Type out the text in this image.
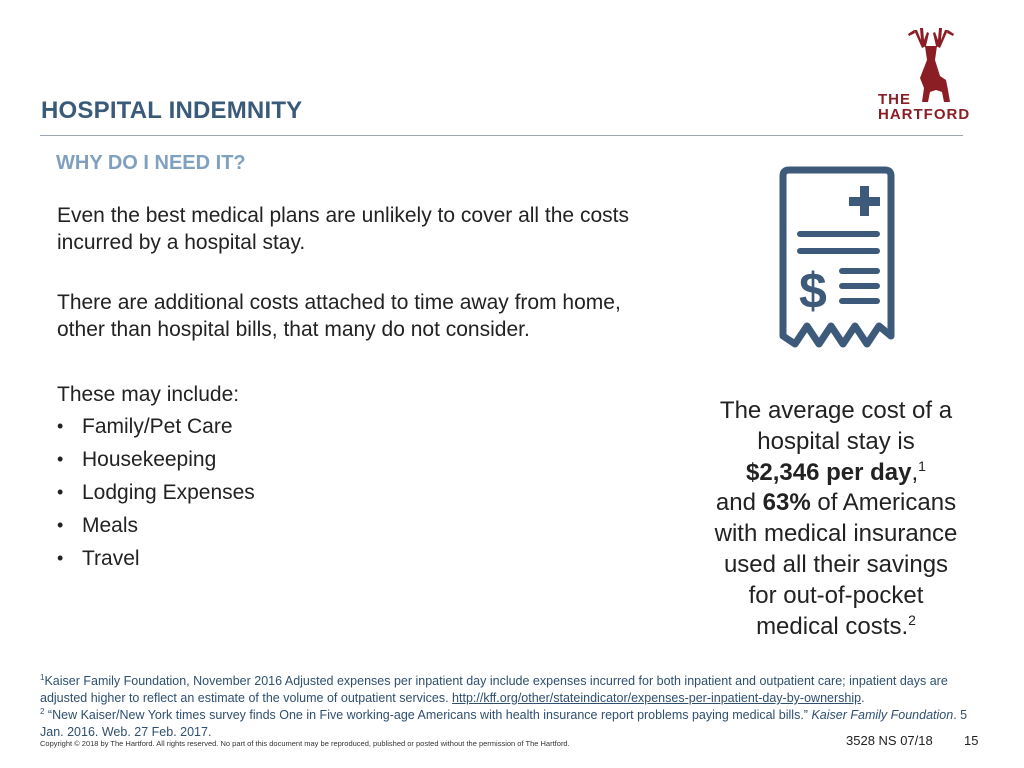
HOSPITAL INDEMNITY	THE
HARTFORD
WHY DO I NEED IT?

Even the best medical plans are unlikely to cover all the costs incurred by a hospital stay.

There are additional costs attached to time away from home, other than hospital bills, that many do not consider.

These may include:

• Family/Pet Care
• Housekeeping
• Lodging Expenses
• Meals
• Travel
$
The average cost of a
hospital stay is
$2,346 per day,$^1$
and 63% of Americans
with medical insurance
used all their savings
for out-of-pocket
medical costs.$^2$
$^1$Kaiser Family Foundation, November 2016 Adjusted expenses per inpatient day include expenses incurred for both inpatient and outpatient care; inpatient days are adjusted higher to reflect an estimate of the volume of outpatient services. http://kff.org/other/stateindicator/expenses-per-inpatient-day-by-ownership.
$^2$ “New Kaiser/New York times survey finds One in Five working-age Americans with health insurance report problems paying medical bills.” Kaiser Family Foundation. 5 Jan. 2016. Web. 27 Feb. 2017.
Copyright © 2018 by The Hartford. All rights reserved. No part of this document may be reproduced, published or posted without the permission of The Hartford.	3528 NS 07/18 15
